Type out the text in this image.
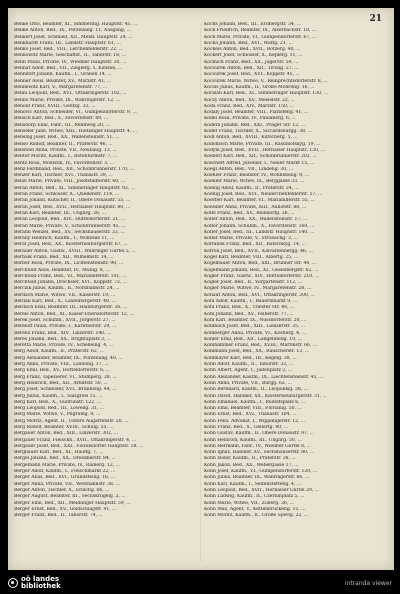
21
Benke Otto, Beamter, XI., Simmering. Hauptstr. 45, ...
Benke Anton, Bed., IX., Porzellang. 11, Ausgang, ...
Benkert Josef, Schmied, XII., Meidl. Hauptstr. 24, ...
Benkhardt Franz, III., Landstr. Hauptstr. 61, ...
Benko Josef, Bed., VIII., Lerchenfelderstr. 22, ...
Benkowitz Marie, Geschäftsf., II., Taborstr. 18, ...
Benn Paula, Private, IV., Wiedner Hauptstr. 30, ...
Bennat Adolf, Bed., VII., Zieglerg. 5, Kanzlei, ...
Benndorf Johann, Kaufm., I., Graben 14, ...
Benner Alois, Beamter, XV., Märzstr. 41, ...
Bennewitz Karl, V., Margaretenstr. 77, ...
Benni Leopold, Bed., XVI., Ottakringerstr. 102, ...
Benno Marie, Private, IX., Währingerstr. 12, ...
Benold Franz, XVIII., Gentzg. 33, ...
Benovic Anton, Schneider, VI., Gumpendorferstr. 9, ...
Bensch Karl, Bed., X., Favoritenstr. 88, ...
Bensdorp Emil, Fabr., III., Rennweg 20, ...
Benseler Julie, Witwe, XIII., Hietzinger Hauptstr. 4, ...
Bensing Josef, Bed., XX., Wallensteinstr. 51, ...
Benso Rudolf, Beamter, II., Praterstr. 46, ...
Benstein Anna, Private, VII., Neubaug. 13, ...
Benter Moritz, Kaufm., I., Rotenturmstr. 7, ...
Bentz Rosa, Modistin, IV., Favoritenstr. 3, ...
Benz Ferdinand, Bed., XII., Schönbrunnerstr. 170, ...
Benzer Karl, Tischler, XVI., Thaliastr. 39, ...
Benzl Marie, Private, VIII., Josefstädterstr. 60, ...
Beran Anton, Bed., XI., Simmeringer Hauptstr. 92, ...
Beran Franz, Schlosser, X., Quellenstr. 114, ...
Beran Johann, Kutscher, II., Obere Donaustr. 55, ...
Beran Josef, Bed., XVII., Hernalser Hauptstr. 80, ...
Beran Karl, Beamter, III., Ungarg. 26, ...
Beran Leopold, Bed., XIV., Hütteldorferstr. 21, ...
Beran Marie, Private, V., Schönbrunnerstr. 45, ...
Berann Wenzel, Bed., XV., Sechshauserstr. 33, ...
Berany Heinrich, Kaufm., I., Wollzeile 11, ...
Berat Josef, Bed., XX., Klosterneuburgerstr. 67, ...
Berauer Anton, Gastw., XVIII., Währinger Gürtel 5, ...
Berbalk Franz, Bed., XII., Wilhelmstr. 14, ...
Berber Rosa, Private, IX., Lichtensteinstr. 90, ...
Berchtold Alois, Beamter, IV., Mühlg. 8, ...
Berchtold Franz, Bed., VI., Mariahilferstr. 101, ...
Berchtold Johann, Drechsler, XVI., Koppstr. 72, ...
Berczik Julius, Kaufm., II., Nordbahnstr. 24, ...
Berdach Marie, Witwe, VII., Kaiserstr. 19, ...
Berdan Karl, Bed., X., Laxenburgerstr. 48, ...
Berdach Emil, Beamter, III., Hainburgerstr. 36, ...
Bereis Anton, Bed., XI., Kaiser-Ebersdorferstr. 12, ...
Berek Josef, Schuhm., XVII., Jörgerstr. 27, ...
Berendt Paula, Private, I., Kärntnerstr. 29, ...
Berenz Franz, Bed., XIV., Linzerstr. 140, ...
Beres Johann, Bed., XX., Brigittaplatz 3, ...
Beretta Marie, Private, IV., Schelleing. 4, ...
Berg Adolf, Kaufm., II., Praterstr. 62, ...
Berg Alexander, Beamter, IX., Porzellang. 40, ...
Berg Anna, Private, VIII., Laudong. 17, ...
Berg Emil, Bed., XV., Hütteldorferstr. 6, ...
Berg Franz, Tapezierer, VI., Stumperg. 28, ...
Berg Heinrich, Bed., XII., Arndtstr. 50, ...
Berg Josef, Schneider, XVI., Brunneng. 44, ...
Berg Julius, Kaufm., I., Salzgries 15, ...
Berg Karl, Bed., X., Gudrunstr. 122, ...
Berg Leopold, Bed., III., Löweng. 31, ...
Berg Marie, Witwe, V., Pilgramg. 9, ...
Berg Moritz, Agent, II., Untere Augartenstr. 20, ...
Berg Rudolf, Beamter, XVIII., Schulg. 55, ...
Bergauer Anton, Bed., XIII., Linzerstr. 302, ...
Bergauer Franz, Fleischh., XVII., Ottakringerstr. 4, ...
Bergauer Josef, Bed., XXI., Floridsdorfer Hauptstr. 18, ...
Bergbauer Karl, Bed., XI., Hauffg. 7, ...
Bergel Johann, Bed., XX., Dresdnerstr. 84, ...
Bergemann Marie, Private, IV., Rainerg. 12, ...
Berger Adolf, Kaufm., I., Fleischmarkt 22, ...
Berger Alois, Bed., XVI., Grundsteing. 16, ...
Berger Anna, Private, VII., Westbahnstr. 38, ...
Berger Anton, Tischler, X., Erlachg. 66, ...
Berger August, Beamter, III., Sechskrügelg. 2, ...
Berger Emil, Bed., XII., Meidlinger Hauptstr. 59, ...
Berger Ernst, Bed., XV., Goldschlagstr. 91, ...
Berger Franz, Bed., II., Taborstr. 74, ...
Kochs Johann, Bed., III., Erdbergstr. 34, ...
Kock Friedrich, Beamter, IX., Alserbachstr. 18, ...
Kock Marie, Private, VI., Gumpendorferstr. 67, ...
Kocka Johann, Bed., XVI., Wattg. 21, ...
Kockeis Anton, Bed., XVII., Rötzerg. 40, ...
Kockert Josef, Schlosser, X., Keplerg. 11, ...
Kocmich Franz, Bed., XX., Jägerstr. 59, ...
Kocourek Anton, Bed., XII., Tivolig. 27, ...
Kocourek Josef, Bed., XVI., Koppstr. 45, ...
Kocourek Marie, Witwe, V., Reinprechtsdorferstr. 8, ...
Kocsis Julius, Kaufm., II., Große Mohreng. 16, ...
Koczian Karl, Bed., XI., Simmeringer Hauptstr. 130, ...
Koczy Anton, Bed., XV., Meiselstr. 22, ...
Koda Franz, Bed., XIV., Märzstr. 150, ...
Kodaly Josef, Beamter, VIII., Piaristeng. 41, ...
Kodel Rosa, Private, IV., Paulanerg. 6, ...
Kodera Johann, Bed., XXI., Prager Str. 12, ...
Kodet Franz, Tischler, X., Siccardsburgg. 38, ...
Kodl Anton, Bed., XVIII., Kutscherg. 5, ...
Kodolitsch Marie, Private, III., Rasumofskyg. 19, ...
Kodym Josef, Bed., XVII., Hernalser Hauptstr. 120, ...
Koeberl Karl, Bed., XII., Schönbrunnerstr. 202, ...
Koechert Alfred, Juwelier, I., Neuer Markt 15, ...
Koegl Anton, Bed., VII., Lindeng. 30, ...
Koehler Franz, Beamter, IV., Wohllebeng. 9, ...
Koehler Marie, Witwe, IX., Berggasse 33, ...
Koenig Adolf, Kaufm., II., Praterstr. 24, ...
Koenig Josef, Bed., XVI., Neulerchenfelderstr. 57, ...
Koerber Karl, Beamter, VI., Mariahilferstr. 55, ...
Koessler Anna, Private, XIII., Auhofstr. 88, ...
Kofel Franz, Bed., XV., Reindorfg. 26, ...
Kofler Anton, Bed., XX., Wallensteinstr. 17, ...
Kofler Johann, Schuhm., X., Favoritenstr. 160, ...
Kofler Josef, Bed., III., Landstr. Hauptstr. 140, ...
Kofler Marie, Private, V., Strobachg. 3, ...
Kofranek Franz, Bed., XII., Ratschkyg. 14, ...
Kofron Josef, Bed., XVII., Kalvarienbergg. 46, ...
Kogel Karl, Beamter, VIII., Albertg. 25, ...
Kogelbauer Anton, Bed., XXI., Brünner Str. 44, ...
Kogelmann Johann, Bed., XI., Geiselbergstr. 62, ...
Kogler Franz, Gastw., XIV., Hütteldorferstr. 210, ...
Kogler Josef, Bed., II., Vorgartenstr. 112, ...
Kogler Marie, Witwe, IV., Margaretenstr. 28, ...
Kohaut Anton, Bed., XVI., Ottakringerstr. 200, ...
Kohl Adolf, Kaufm., I., Bauernmarkt 9, ...
Kohl Franz, Bed., X., Triester Str. 48, ...
Kohl Johann, Bed., XV., Felberstr. 77, ...
Kohl Karl, Beamter, IX., Nussdorferstr. 20, ...
Kohlbach Josef, Bed., XIII., Lainzerstr. 35, ...
Kohlberger Anna, Private, VI., Köstlerg. 4, ...
Kohler Emil, Bed., XII., Längenfeldg. 19, ...
Kohlhammer Franz, Bed., XVIII., Martinstr. 66, ...
Kohlmann Josef, Bed., XX., Rauscherstr. 13, ...
Kohlmayer Karl, Bed., III., Kegelg. 38, ...
Kohn Adolf, Kaufm., II., Taborstr. 32, ...
Kohn Albert, Agent, I., Judenplatz 2, ...
Kohn Alexander, Kaufm., IX., Liechtensteinstr. 45, ...
Kohn Anna, Private, VII., Burgg. 62, ...
Kohn Bernhard, Kaufm., II., Leopoldsg. 28, ...
Kohn David, Händler, XX., Klosterneuburgerstr. 31, ...
Kohn Emanuel, Kaufm., I., Rudolfsplatz 6, ...
Kohn Emil, Beamter, VIII., Florianig. 50, ...
Kohn Ernst, Bed., XVI., Thaliastr. 104, ...
Kohn Felix, Advokat, I., Wipplingerstr. 12, ...
Kohn Franz, Bed., X., Gellertg. 40, ...
Kohn Gustav, Kaufm., II., Obere Donaustr. 97, ...
Kohn Heinrich, Kaufm., III., Ungarg. 50, ...
Kohn Hermann, Fabr., IV., Wiedner Gürtel 8, ...
Kohn Ignaz, Händler, XV., Sechshauserstr. 80, ...
Kohn Isidor, Kaufm., II., Praterstr. 38, ...
Kohn Jakob, Bed., XX., Webergasse 17, ...
Kohn Josef, Kaufm., VI., Gumpendorferstr. 120, ...
Kohn Julius, Beamter, IX., Währingerstr. 66, ...
Kohn Karl, Kaufm., I., Seitenstetteng. 4, ...
Kohn Leopold, Bed., XVII., Hernalser Gürtel 29, ...
Kohn Ludwig, Kaufm., II., Czerninplatz 5, ...
Kohn Marie, Witwe, VII., Zollerg. 36, ...
Kohn Max, Agent, V., Kettenbrückeng. 15, ...
Kohn Moritz, Kaufm., II., Große Sperlg. 22, ...
oö landes
bibliothek	intranda viewer
